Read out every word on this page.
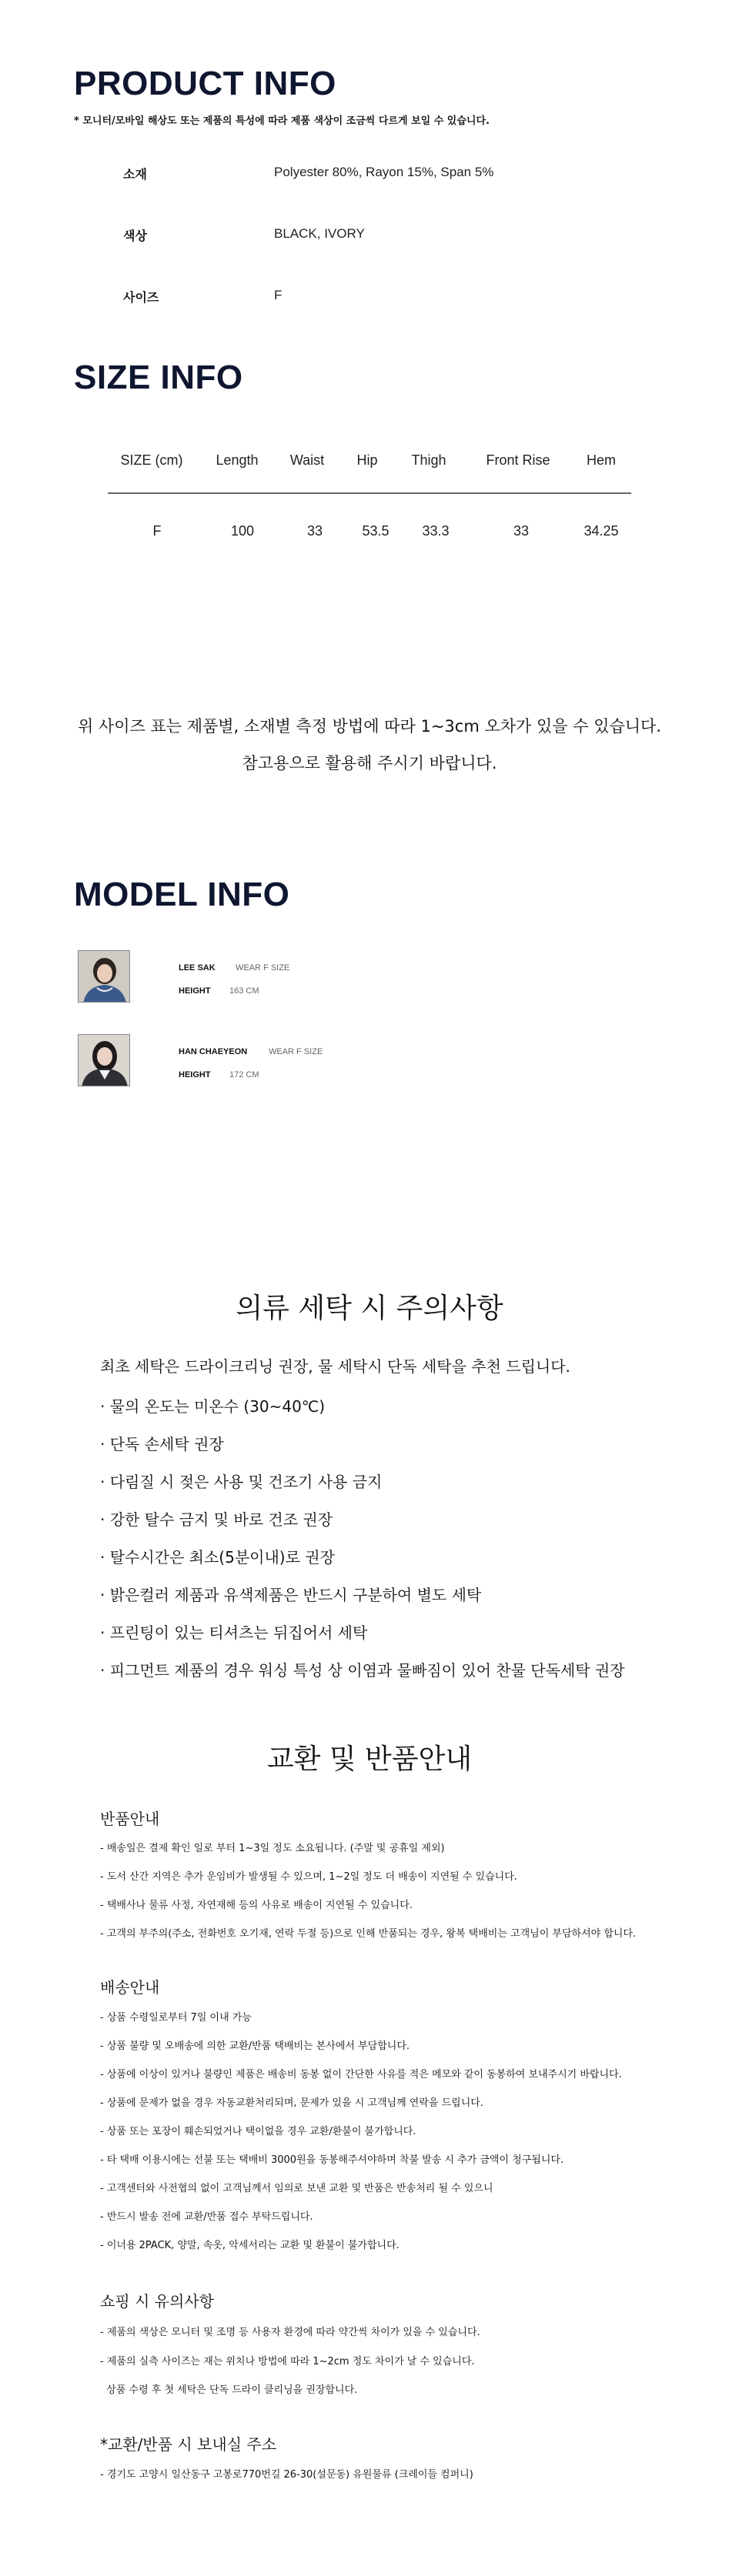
PRODUCT INFO
* 모니터/모바일 해상도 또는 제품의 특성에 따라 제품 색상이 조금씩 다르게 보일 수 있습니다.
소재	Polyester 80%, Rayon 15%, Span 5%
색상	BLACK, IVORY
사이즈	F
SIZE INFO
SIZE (cm)	Length	Waist	Hip	Thigh	Front Rise	Hem
F	100	33	53.5	33.3	33	34.25
위 사이즈 표는 제품별, 소재별 측정 방법에 따라 1~3cm 오차가 있을 수 있습니다.
참고용으로 활용해 주시기 바랍니다.
MODEL INFO
LEE SAK WEAR F SIZE
HEIGHT 163 CM
HAN CHAEYEON	WEAR F SIZE
HEIGHT 172 CM
의류 세탁 시 주의사항
최초 세탁은 드라이크리닝 권장, 물 세탁시 단독 세탁을 추천 드립니다.
· 물의 온도는 미온수 (30~40℃)
· 단독 손세탁 권장
· 다림질 시 젖은 사용 및 건조기 사용 금지
· 강한 탈수 금지 및 바로 건조 권장
· 탈수시간은 최소(5분이내)로 권장
· 밝은컬러 제품과 유색제품은 반드시 구분하여 별도 세탁
· 프린팅이 있는 티셔츠는 뒤집어서 세탁
· 피그먼트 제품의 경우 워싱 특성 상 이염과 물빠짐이 있어 찬물 단독세탁 권장
교환 및 반품안내
반품안내
- 배송일은 결제 확인 일로 부터 1~3일 정도 소요됩니다. (주말 및 공휴일 제외)
- 도서 산간 지역은 추가 운임비가 발생될 수 있으며, 1~2일 정도 더 배송이 지연될 수 있습니다.
- 택배사나 물류 사정, 자연재해 등의 사유로 배송이 지연될 수 있습니다.
- 고객의 부주의(주소, 전화번호 오기재, 연락 두절 등)으로 인해 반품되는 경우, 왕복 택배비는 고객님이 부담하셔야 합니다.
배송안내
- 상품 수령일로부터 7일 이내 가능
- 상품 불량 및 오배송에 의한 교환/반품 택배비는 본사에서 부담합니다.
- 상품에 이상이 있거나 불량인 제품은 배송비 동봉 없이 간단한 사유를 적은 메모와 같이 동봉하여 보내주시기 바랍니다.
- 상품에 문제가 없을 경우 자동교환처리되며, 문제가 있을 시 고객님께 연락을 드립니다.
- 상품 또는 포장이 훼손되었거나 택이없을 경우 교환/환불이 불가합니다.
- 타 택배 이용시에는 선불 또는 택배비 3000원을 동봉해주셔야하며 착불 발송 시 추가 금액이 청구됩니다.
- 고객센터와 사전협의 없이 고객님께서 임의로 보낸 교환 및 반품은 반송처리 될 수 있으니
- 반드시 발송 전에 교환/반품 접수 부탁드립니다.
- 이너용 2PACK, 양말, 속옷, 악세서리는 교환 및 환불이 불가합니다.
쇼핑 시 유의사항
- 제품의 색상은 모니터 및 조명 등 사용자 환경에 따라 약간씩 차이가 있을 수 있습니다.
- 제품의 실측 사이즈는 재는 위치나 방법에 따라 1~2cm 정도 차이가 날 수 있습니다.
상품 수령 후 첫 세탁은 단독 드라이 클리닝을 권장합니다.
*교환/반품 시 보내실 주소
- 경기도 고양시 일산동구 고봉로770번길 26-30(설문동) 유원물류 (크레이들 컴퍼니)
